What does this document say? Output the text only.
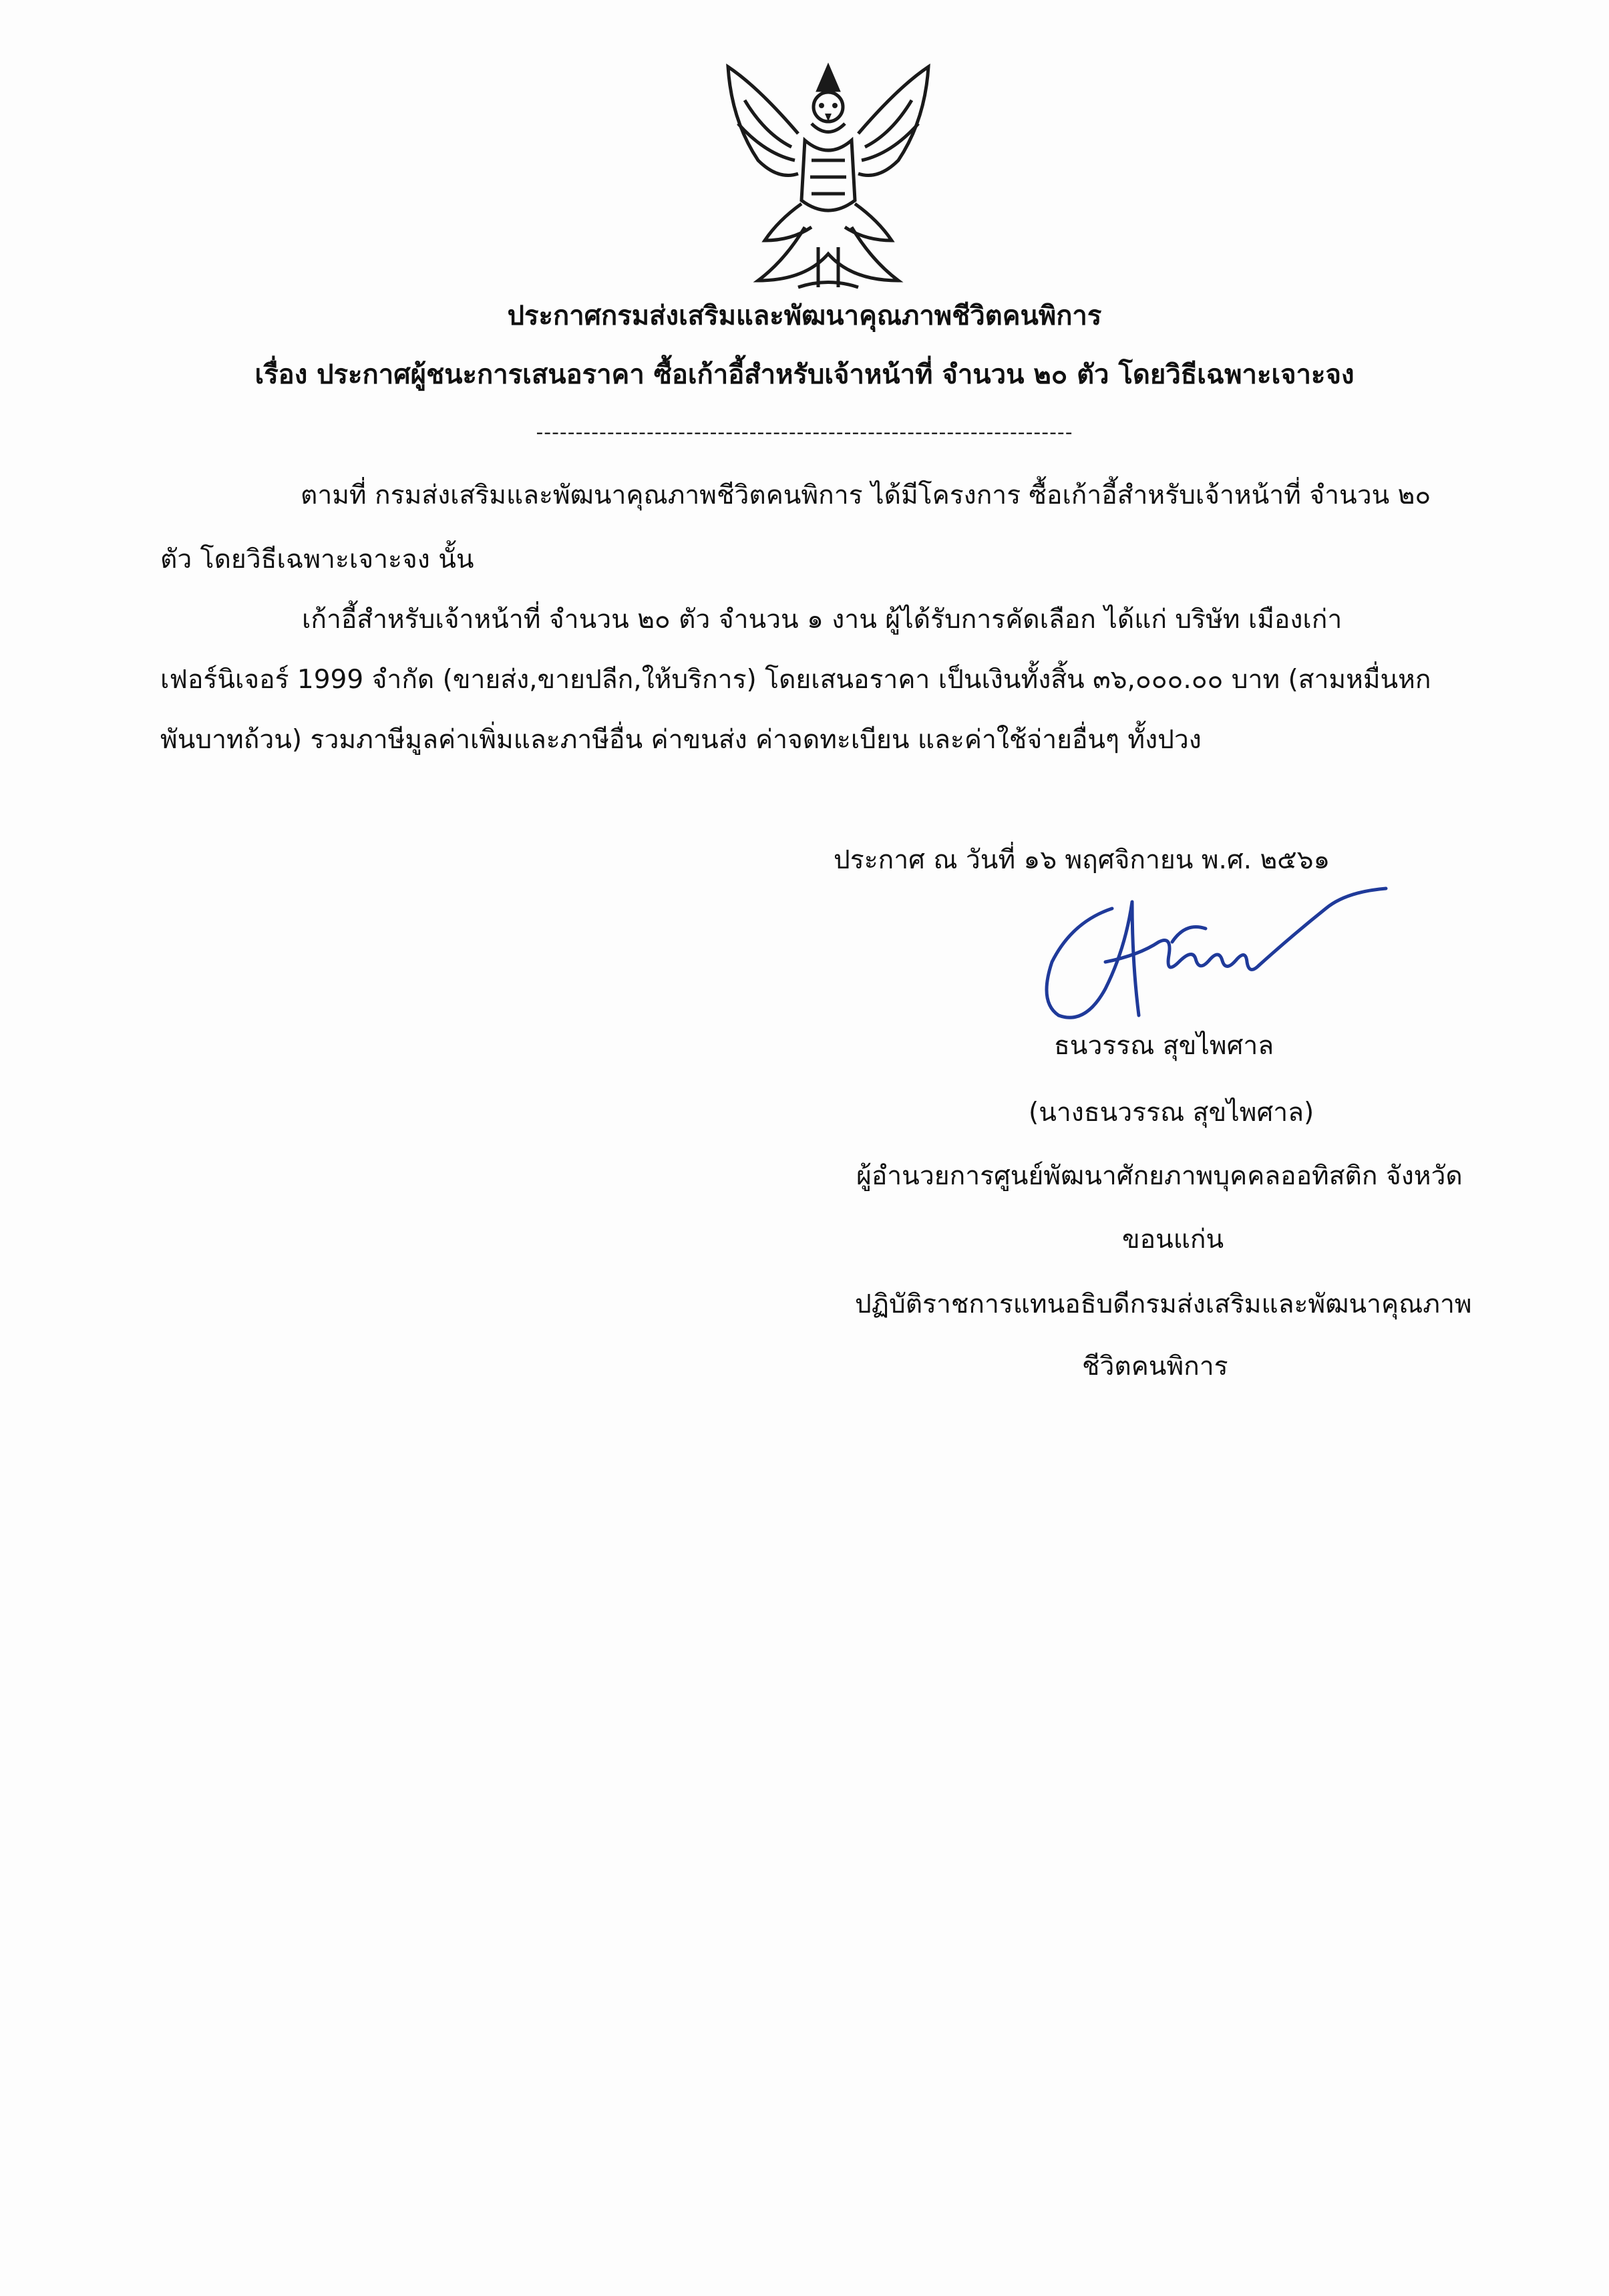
ประกาศกรมส่งเสริมและพัฒนาคุณภาพชีวิตคนพิการ
เรื่อง ประกาศผู้ชนะการเสนอราคา ซื้อเก้าอี้สำหรับเจ้าหน้าที่ จำนวน ๒๐ ตัว โดยวิธีเฉพาะเจาะจง
--------------------------------------------------------------------
ตามที่ กรมส่งเสริมและพัฒนาคุณภาพชีวิตคนพิการ ได้มีโครงการ ซื้อเก้าอี้สำหรับเจ้าหน้าที่ จำนวน ๒๐
ตัว โดยวิธีเฉพาะเจาะจง นั้น
เก้าอี้สำหรับเจ้าหน้าที่ จำนวน ๒๐ ตัว จำนวน ๑ งาน ผู้ได้รับการคัดเลือก ได้แก่ บริษัท เมืองเก่า
เฟอร์นิเจอร์ 1999 จำกัด (ขายส่ง,ขายปลีก,ให้บริการ) โดยเสนอราคา เป็นเงินทั้งสิ้น ๓๖,๐๐๐.๐๐ บาท (สามหมื่นหก
พันบาทถ้วน) รวมภาษีมูลค่าเพิ่มและภาษีอื่น ค่าขนส่ง ค่าจดทะเบียน และค่าใช้จ่ายอื่นๆ ทั้งปวง
ประกาศ ณ วันที่ ๑๖ พฤศจิกายน พ.ศ. ๒๕๖๑
ธนวรรณ สุขไพศาล
(นางธนวรรณ สุขไพศาล)
ผู้อำนวยการศูนย์พัฒนาศักยภาพบุคคลออทิสติก จังหวัด
ขอนแก่น
ปฏิบัติราชการแทนอธิบดีกรมส่งเสริมและพัฒนาคุณภาพ
ชีวิตคนพิการ
